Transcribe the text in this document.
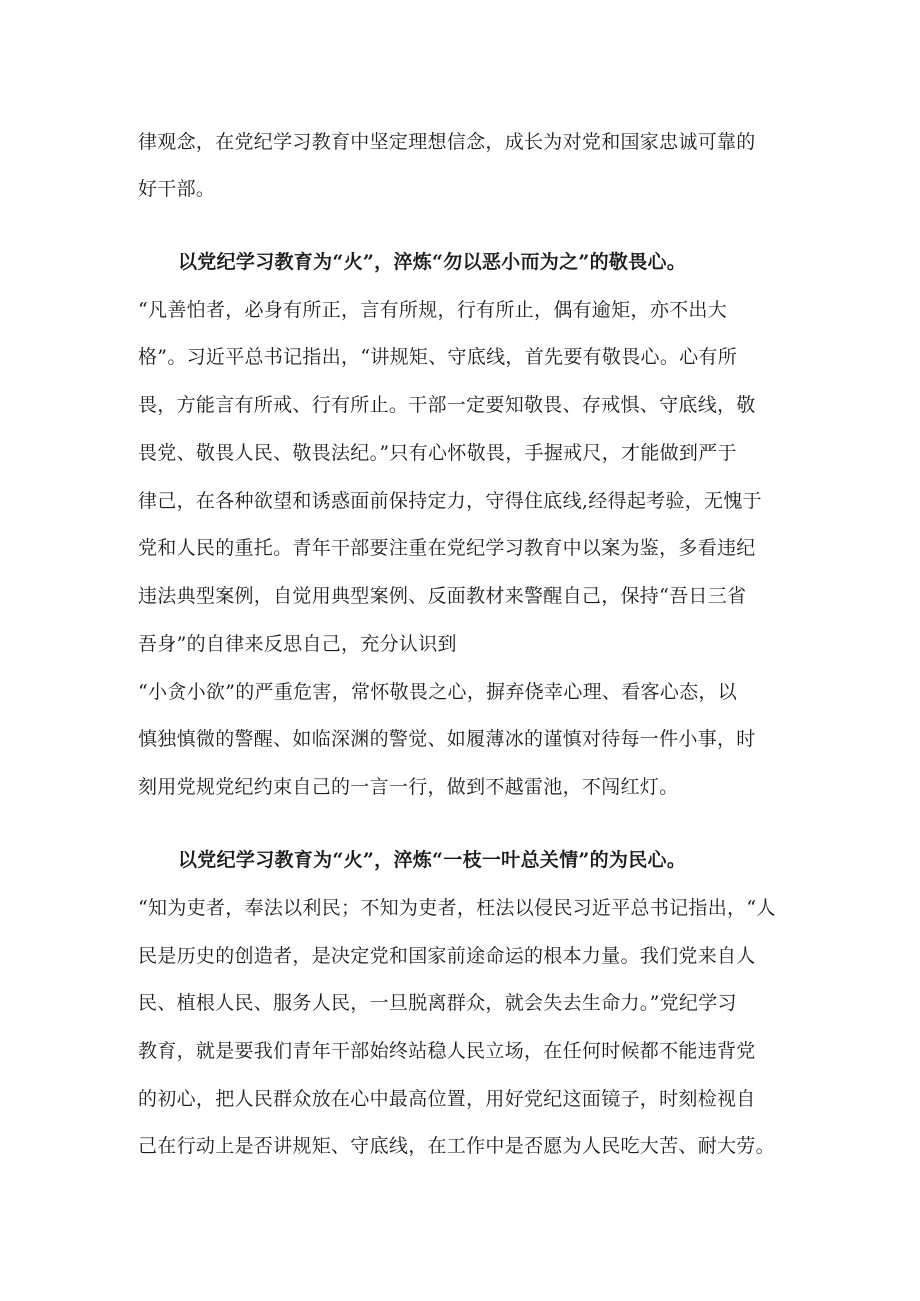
律观念，在党纪学习教育中坚定理想信念，成长为对党和国家忠诚可靠的
好干部。
以党纪学习教育为“火”，淬炼“勿以恶小而为之”的敬畏心。
“凡善怕者，必身有所正，言有所规，行有所止，偶有逾矩，亦不出大
格”。习近平总书记指出，“讲规矩、守底线，首先要有敬畏心。心有所
畏，方能言有所戒、行有所止。干部一定要知敬畏、存戒惧、守底线，敬
畏党、敬畏人民、敬畏法纪。”只有心怀敬畏，手握戒尺，才能做到严于
律己，在各种欲望和诱惑面前保持定力，守得住底线,经得起考验，无愧于
党和人民的重托。青年干部要注重在党纪学习教育中以案为鉴，多看违纪
违法典型案例，自觉用典型案例、反面教材来警醒自己，保持“吾日三省
吾身”的自律来反思自己，充分认识到
“小贪小欲”的严重危害，常怀敬畏之心，摒弃侥幸心理、看客心态，以
慎独慎微的警醒、如临深渊的警觉、如履薄冰的谨慎对待每一件小事，时
刻用党规党纪约束自己的一言一行，做到不越雷池，不闯红灯。
以党纪学习教育为“火”，淬炼“一枝一叶总关情”的为民心。
“知为吏者，奉法以利民；不知为吏者，枉法以侵民习近平总书记指出，“人
民是历史的创造者，是决定党和国家前途命运的根本力量。我们党来自人
民、植根人民、服务人民，一旦脱离群众，就会失去生命力。”党纪学习
教育，就是要我们青年干部始终站稳人民立场，在任何时候都不能违背党
的初心，把人民群众放在心中最高位置，用好党纪这面镜子，时刻检视自
己在行动上是否讲规矩、守底线，在工作中是否愿为人民吃大苦、耐大劳。
